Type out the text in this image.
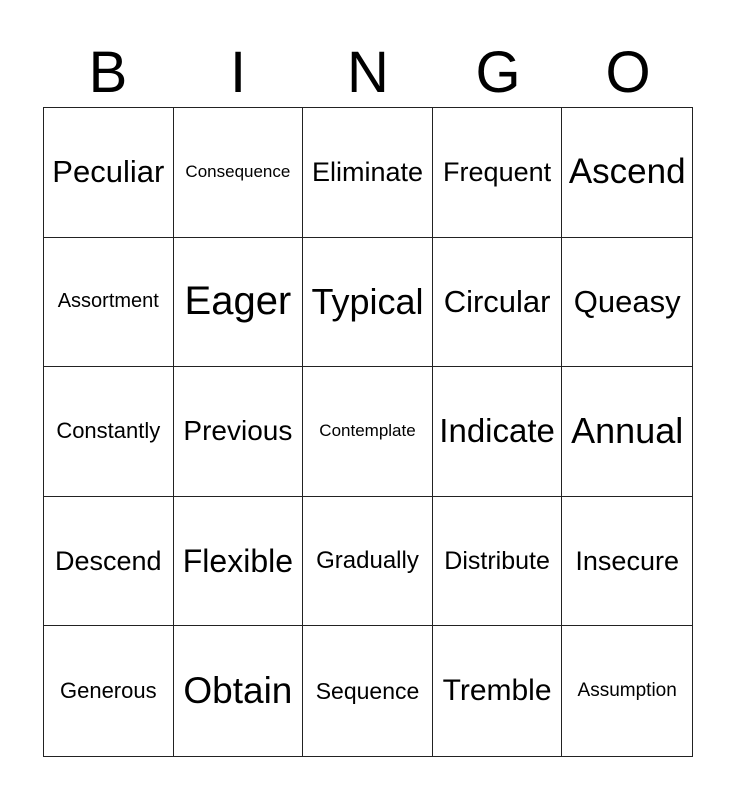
B	I	N	G	O
Peculiar Consequence Eliminate Frequent Ascend
Assortment Eager Typical Circular Queasy
Constantly Previous Contemplate Indicate Annual
Descend Flexible Gradually Distribute Insecure
Generous Obtain Sequence Tremble Assumption
